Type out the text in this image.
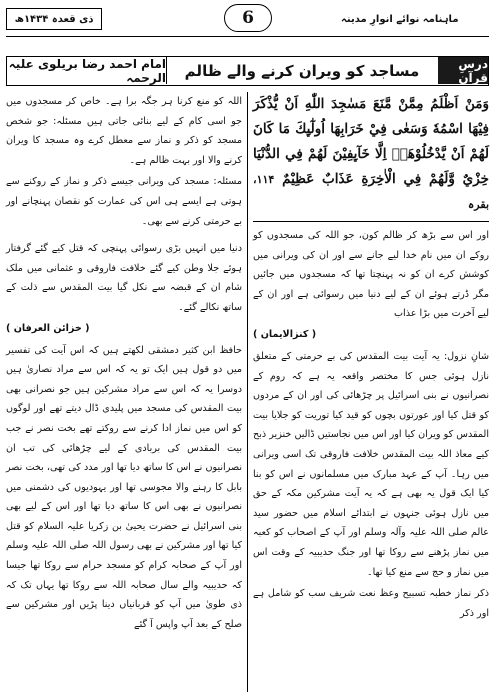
ذی قعدہ ۱۴۳۴ھ	6	ماہنامہ نوائے انوارِ مدینہ
درسِ قرآن
مساجد کو ویران کرنے والے ظالم
امام احمد رضا بریلوی علیہ الرحمہ
وَمَنْ اَظْلَمُ مِمَّنْ مَّنَعَ مَسٰجِدَ اللّٰهِ اَنْ يُّذْكَرَ فِيْهَا اسْمُهٗ وَسَعٰى فِيْ خَرَابِهَا اُولٰٓىِٕكَ مَا كَانَ لَهُمْ اَنْ يَّدْخُلُوْهَاۤ اِلَّا خَآىِٕفِيْنَ لَهُمْ فِي الدُّنْيَا خِزْيٌ وَّلَهُمْ فِي الْاٰخِرَةِ عَذَابٌ عَظِيْمٌ ۱۱۴، بقرہ

اور اس سے بڑھ کر ظالم کون، جو اللہ کی مسجدوں کو روکے ان میں نام خدا لیے جانے سے اور ان کی ویرانی میں کوشش کرے ان کو نہ پہنچتا تھا کہ مسجدوں میں جائیں مگر ڈرتے ہوئے ان کے لیے دنیا میں رسوائی ہے اور ان کے لیے آخرت میں بڑا عذاب

( کنزالایمان )

شانِ نزول: یہ آیت بیت المقدس کی بے حرمتی کے متعلق نازل ہوئی جس کا مختصر واقعہ یہ ہے کہ روم کے نصرانیوں نے بنی اسرائیل پر چڑھائی کی اور ان کے مردوں کو قتل کیا اور عورتوں بچوں کو قید کیا توریت کو جلایا بیت المقدس کو ویران کیا اور اس میں نجاستیں ڈالیں خنزیر ذبح کیے معاذ اللہ بیت المقدس خلافت فاروقی تک اسی ویرانی میں رہا۔ آپ کے عہد مبارک میں مسلمانوں نے اس کو بنا کیا ایک قول یہ بھی ہے کہ یہ آیت مشرکین مکہ کے حق میں نازل ہوئی جنہوں نے ابتدائے اسلام میں حضور سید عالم صلی اللہ علیہ وآلہ وسلم اور آپ کے اصحاب کو کعبہ میں نماز پڑھنے سے روکا تھا اور جنگ حدیبیہ کے وقت اس میں نماز و حج سے منع کیا تھا۔

ذکر نماز خطبہ تسبیح وعظ نعت شریف سب کو شامل ہے اور ذکر

اللہ کو منع کرنا ہر جگہ برا ہے۔ خاص کر مسجدوں میں جو اسی کام کے لیے بنائی جاتی ہیں مسئلہ: جو شخص مسجد کو ذکر و نماز سے معطل کرے وہ مسجد کا ویران کرنے والا اور بہت ظالم ہے۔

مسئلہ: مسجد کی ویرانی جیسے ذکر و نماز کے روکنے سے ہوتی ہے ایسے ہی اس کی عمارت کو نقصان پہنچانے اور بے حرمتی کرنے سے بھی۔

دنیا میں انہیں بڑی رسوائی پہنچی کہ قتل کیے گئے گرفتار ہوئے جلا وطن کیے گئے خلافت فاروقی و عثمانی میں ملک شام ان کے قبضہ سے نکل گیا بیت المقدس سے ذلت کے ساتھ نکالے گئے۔

( خزائن العرفان )

حافظ ابن کثیر دمشقی لکھتے ہیں کہ اس آیت کی تفسیر میں دو قول ہیں ایک تو یہ کہ اس سے مراد نصاریٰ ہیں دوسرا یہ کہ اس سے مراد مشرکین ہیں جو نصرانی بھی بیت المقدس کی مسجد میں پلیدی ڈال دیتے تھے اور لوگوں کو اس میں نماز ادا کرنے سے روکتے تھے بخت نصر نے جب بیت المقدس کی بربادی کے لیے چڑھائی کی تب ان نصرانیوں نے اس کا ساتھ دیا تھا اور مدد کی تھی، بخت نصر بابل کا رہنے والا مجوسی تھا اور یہودیوں کی دشمنی میں نصرانیوں نے بھی اس کا ساتھ دیا تھا اور اس کے لیے بھی بنی اسرائیل نے حضرت یحییٰ بن زکریا علیہ السلام کو قتل کیا تھا اور مشرکین نے بھی رسول اللہ صلی اللہ علیہ وسلم اور آپ کے صحابہ کرام کو مسجد حرام سے روکا تھا جیسا کہ حدیبیہ والے سال صحابہ اللہ سے روکا تھا یہاں تک کہ ذی طویٰ میں آپ کو قربانیاں دینا پڑیں اور مشرکین سے صلح کے بعد آپ واپس آ گئے
